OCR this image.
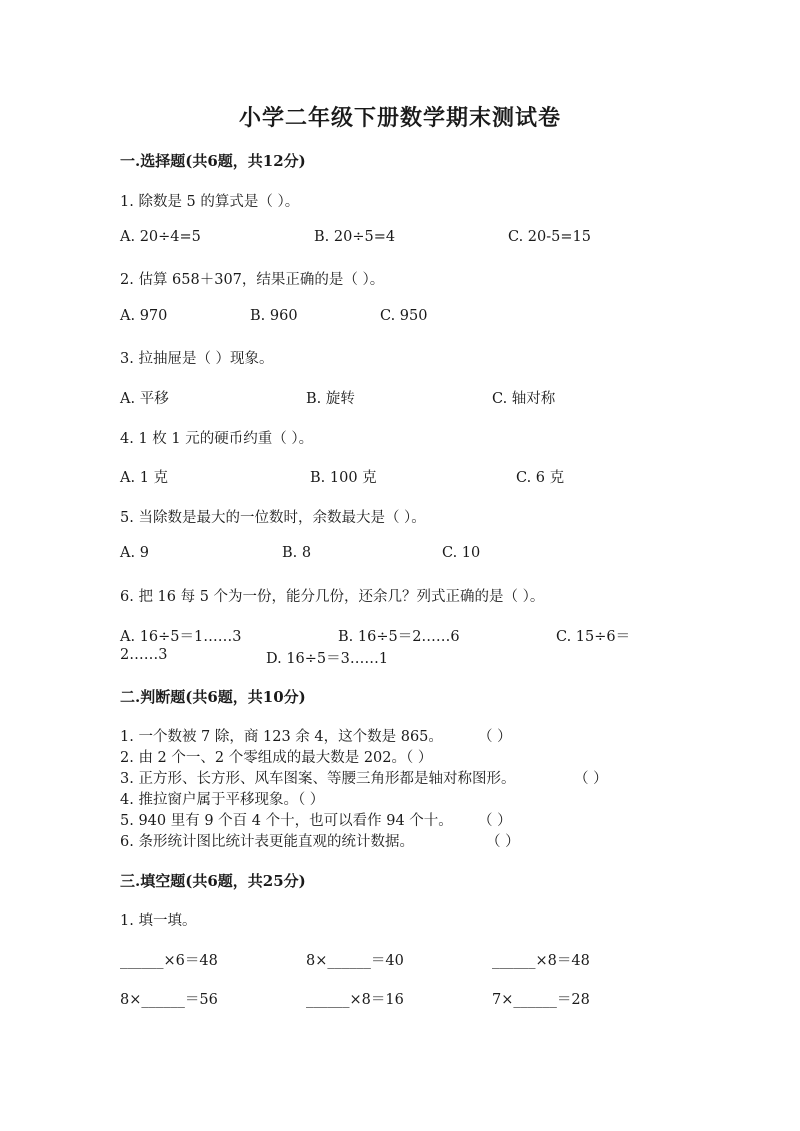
小学二年级下册数学期末测试卷
一.选择题(共6题，共12分)
1. 除数是 5 的算式是（ ）。
A. 20÷4=5	B. 20÷5=4	C. 20-5=15
2. 估算 658＋307，结果正确的是（ ）。
A. 970	B. 960	C. 950
3. 拉抽屉是（ ）现象。
A. 平移	B. 旋转	C. 轴对称
4. 1 枚 1 元的硬币约重（ ）。
A. 1 克	B. 100 克	C. 6 克
5. 当除数是最大的一位数时，余数最大是（ ）。
A. 9	B. 8	C. 10
6. 把 16 每 5 个为一份，能分几份，还余几？列式正确的是（ ）。
A. 16÷5＝1……3	B. 16÷5＝2……6	C. 15÷6＝
2……3	D. 16÷5＝3……1
二.判断题(共6题，共10分)
1. 一个数被 7 除，商 123 余 4，这个数是 865。 （ ）
2. 由 2 个一、2 个零组成的最大数是 202。（ ）
3. 正方形、长方形、风车图案、等腰三角形都是轴对称图形。	（ ）
4. 推拉窗户属于平移现象。（ ）
5. 940 里有 9 个百 4 个十，也可以看作 94 个十。 （ ）
6. 条形统计图比统计表更能直观的统计数据。	（ ）
三.填空题(共6题，共25分)
1. 填一填。
______×6＝48	8×______＝40	______×8＝48
8×______＝56	______×8＝16	7×______＝28
